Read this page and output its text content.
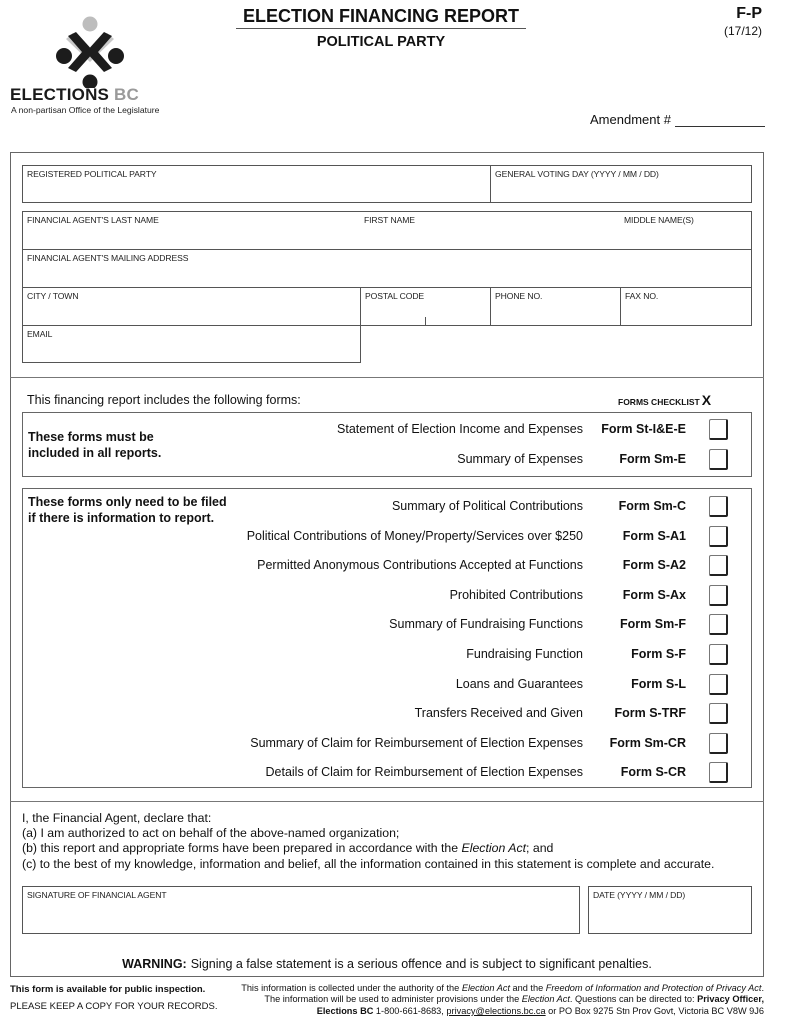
ELECTIONS BC
A non-partisan Office of the Legislature
ELECTION FINANCING REPORT
POLITICAL PARTY
F-P
(17/12)
Amendment #
REGISTERED POLITICAL PARTY	GENERAL VOTING DAY (YYYY / MM / DD)
FINANCIAL AGENT'S LAST NAME	FIRST NAME	MIDDLE NAME(S)
FINANCIAL AGENT'S MAILING ADDRESS
CITY / TOWN	POSTAL CODE	PHONE NO.	FAX NO.
EMAIL
This financing report includes the following forms:	FORMS CHECKLIST X
These forms must be
included in all reports.
Statement of Election Income and Expenses Form St-I&E-E
Summary of Expenses	Form Sm-E
These forms only need to be filed
if there is information to report.
Summary of Political Contributions	Form Sm-C
Political Contributions of Money/Property/Services over $250	Form S-A1
Permitted Anonymous Contributions Accepted at Functions	Form S-A2
Prohibited Contributions	Form S-Ax
Summary of Fundraising Functions	Form Sm-F
Fundraising Function	Form S-F
Loans and Guarantees	Form S-L
Transfers Received and Given	Form S-TRF
Summary of Claim for Reimbursement of Election Expenses Form Sm-CR
Details of Claim for Reimbursement of Election Expenses	Form S-CR
I, the Financial Agent, declare that:
(a) I am authorized to act on behalf of the above-named organization;
(b) this report and appropriate forms have been prepared in accordance with the Election Act; and
(c) to the best of my knowledge, information and belief, all the information contained in this statement is complete and accurate.
SIGNATURE OF FINANCIAL AGENT	DATE (YYYY / MM / DD)
WARNING: Signing a false statement is a serious offence and is subject to significant penalties.
This form is available for public inspection.
PLEASE KEEP A COPY FOR YOUR RECORDS.
This information is collected under the authority of the Election Act and the Freedom of Information and Protection of Privacy Act.
The information will be used to administer provisions under the Election Act. Questions can be directed to: Privacy Officer,
Elections BC 1-800-661-8683, privacy@elections.bc.ca or PO Box 9275 Stn Prov Govt, Victoria BC V8W 9J6
